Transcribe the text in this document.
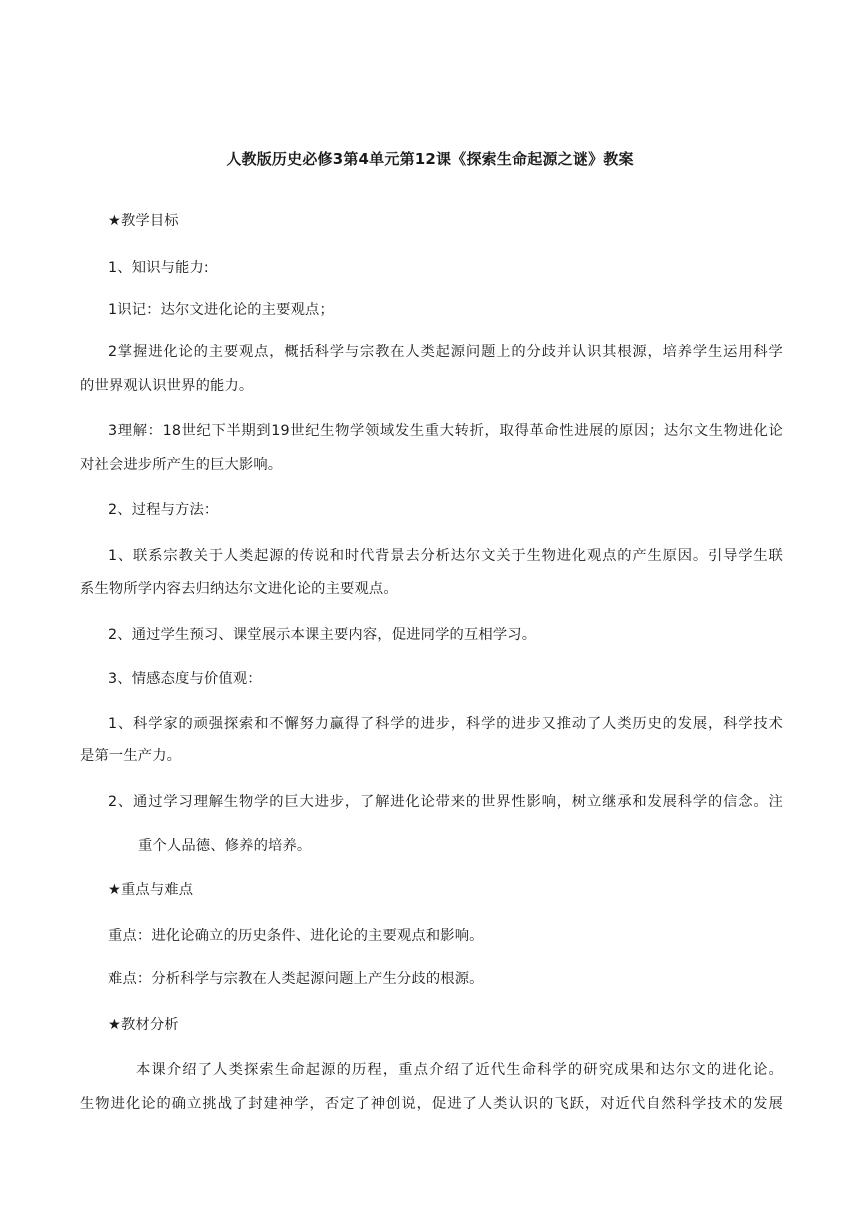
人教版历史必修3第4单元第12课《探索生命起源之谜》教案
★教学目标
1、知识与能力:
1识记：达尔文进化论的主要观点；
2掌握进化论的主要观点，概括科学与宗教在人类起源问题上的分歧并认识其根源，培养学生运用科学
的世界观认识世界的能力。
3理解：18世纪下半期到19世纪生物学领域发生重大转折，取得革命性进展的原因；达尔文生物进化论
对社会进步所产生的巨大影响。
2、过程与方法：
1、联系宗教关于人类起源的传说和时代背景去分析达尔文关于生物进化观点的产生原因。引导学生联
系生物所学内容去归纳达尔文进化论的主要观点。
2、通过学生预习、课堂展示本课主要内容，促进同学的互相学习。
3、情感态度与价值观：
1、科学家的顽强探索和不懈努力赢得了科学的进步，科学的进步又推动了人类历史的发展，科学技术
是第一生产力。
2、通过学习理解生物学的巨大进步，了解进化论带来的世界性影响，树立继承和发展科学的信念。注
重个人品德、修养的培养。
★重点与难点
重点：进化论确立的历史条件、进化论的主要观点和影响。
难点：分析科学与宗教在人类起源问题上产生分歧的根源。
★教材分析
本课介绍了人类探索生命起源的历程，重点介绍了近代生命科学的研究成果和达尔文的进化论。
生物进化论的确立挑战了封建神学，否定了神创说，促进了人类认识的飞跃，对近代自然科学技术的发展
